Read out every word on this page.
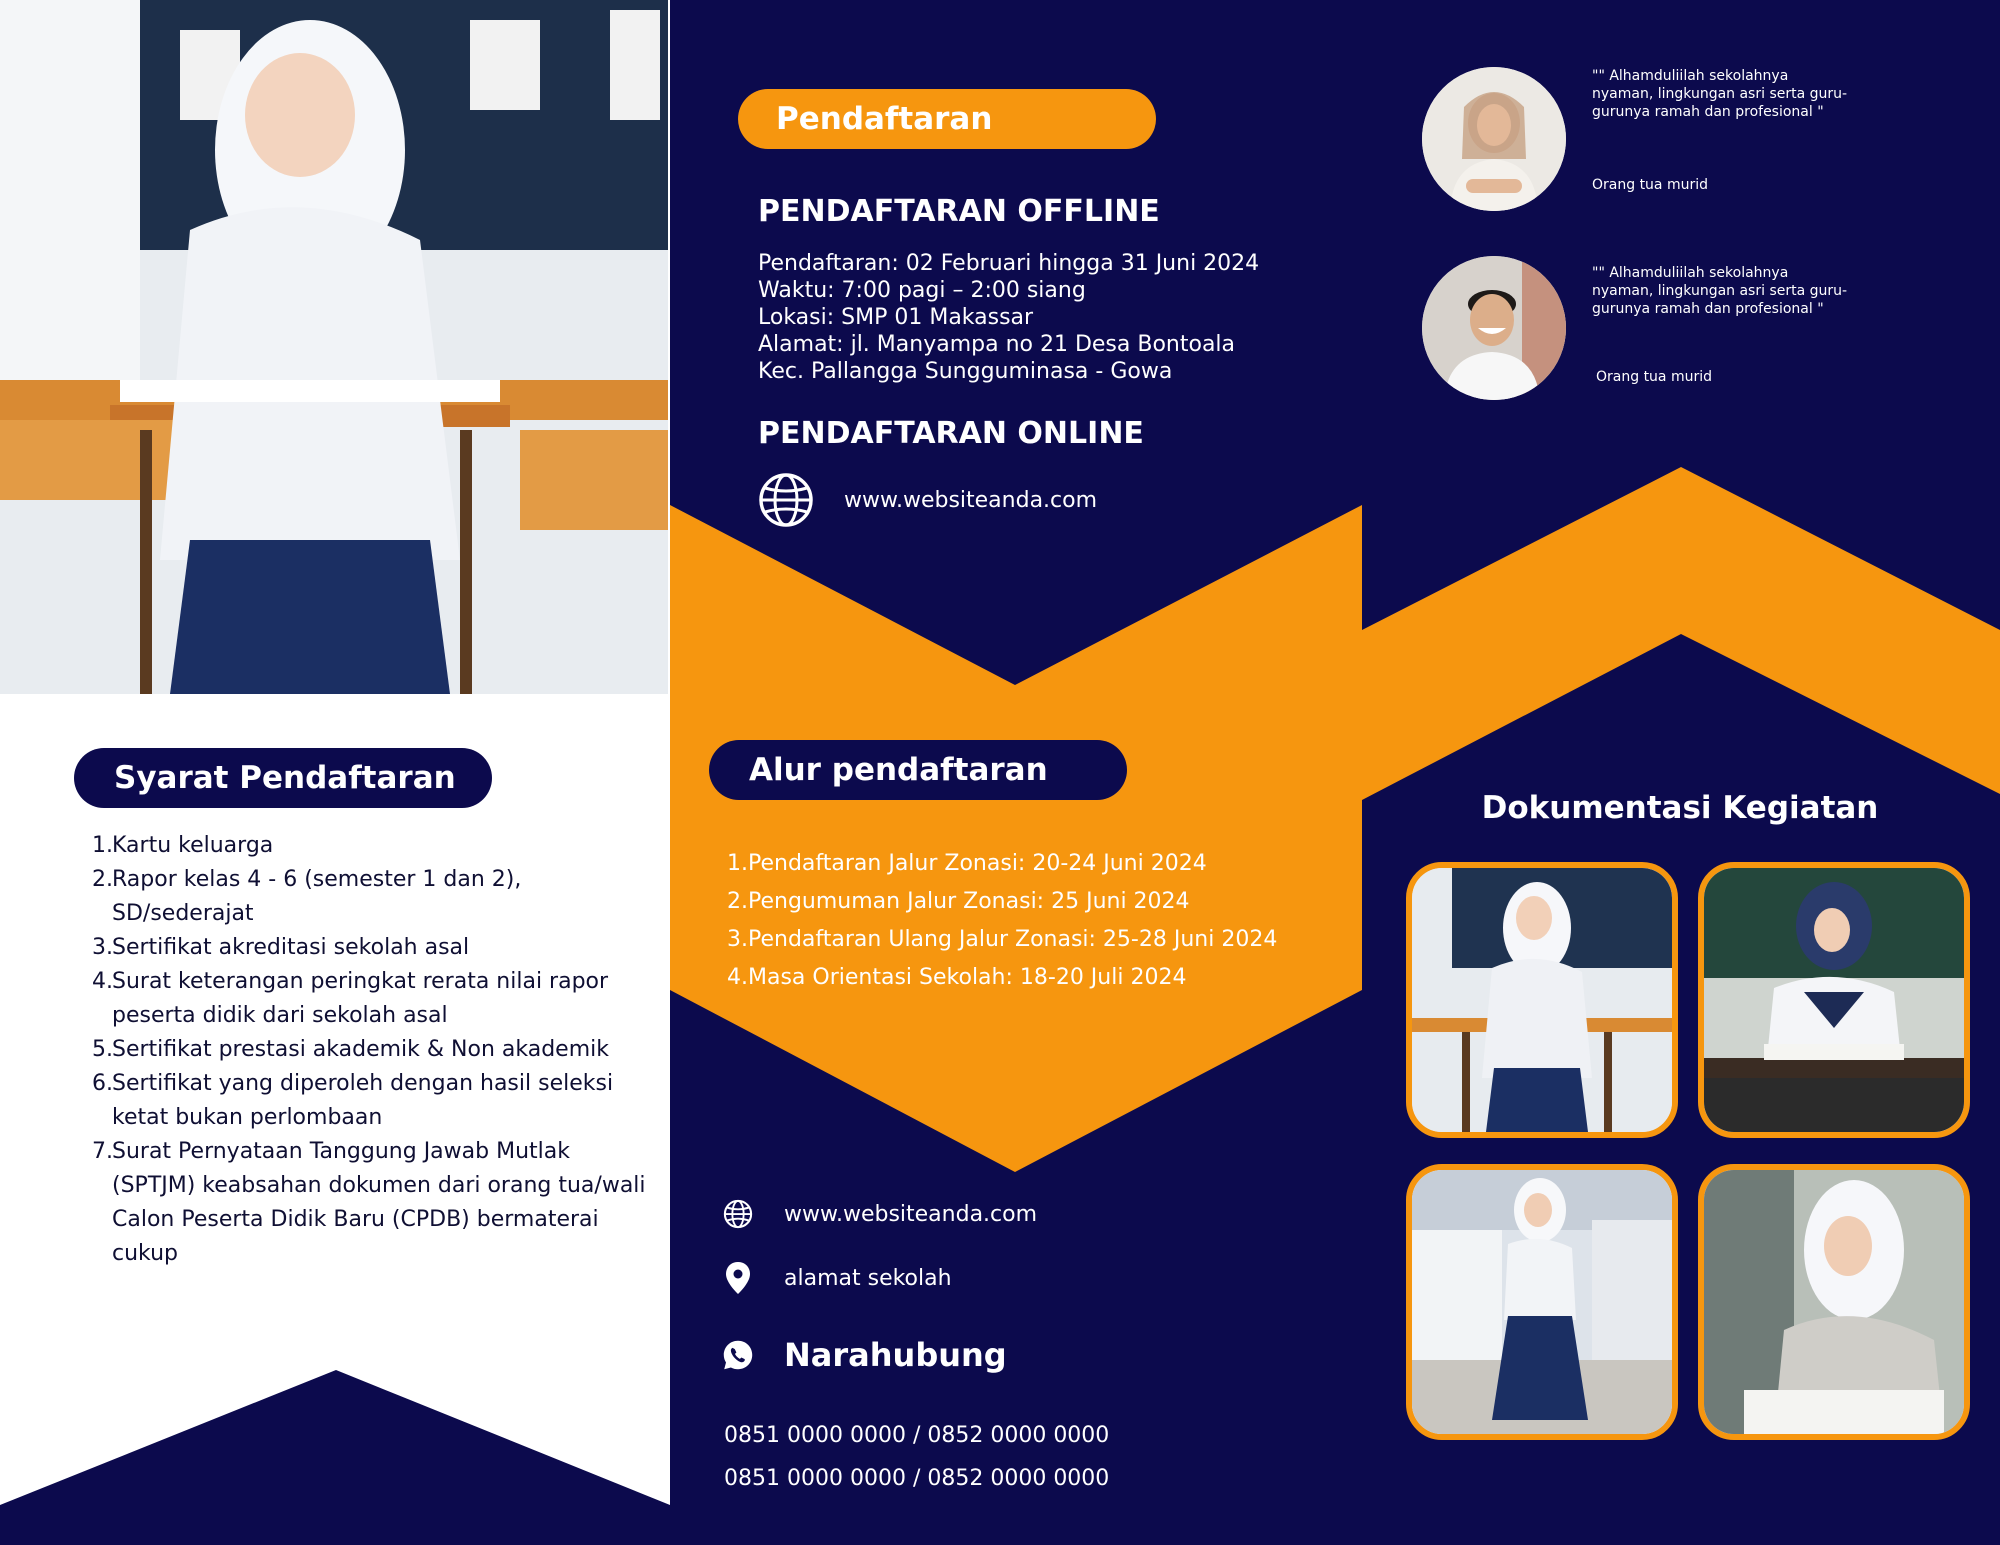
Syarat Pendaftaran
1. Kartu keluarga
2. Rapor kelas 4 - 6 (semester 1 dan 2), SD/sederajat
3. Sertifikat akreditasi sekolah asal
4. Surat keterangan peringkat rerata nilai rapor peserta didik dari sekolah asal
5. Sertifikat prestasi akademik & Non akademik
6. Sertifikat yang diperoleh dengan hasil seleksi ketat bukan perlombaan
7. Surat Pernyataan Tanggung Jawab Mutlak (SPTJM) keabsahan dokumen dari orang tua/wali Calon Peserta Didik Baru (CPDB) bermaterai cukup
Pendaftaran
PENDAFTARAN OFFLINE
Pendaftaran: 02 Februari hingga 31 Juni 2024
Waktu: 7:00 pagi – 2:00 siang
Lokasi: SMP 01 Makassar
Alamat: jl. Manyampa no 21 Desa Bontoala
Kec. Pallangga Sungguminasa - Gowa
PENDAFTARAN ONLINE
www.websiteanda.com
Alur pendaftaran
1. Pendaftaran Jalur Zonasi: 20-24 Juni 2024
2. Pengumuman Jalur Zonasi: 25 Juni 2024
3. Pendaftaran Ulang Jalur Zonasi: 25-28 Juni 2024
4. Masa Orientasi Sekolah: 18-20 Juli 2024
www.websiteanda.com
alamat sekolah
Narahubung
0851 0000 0000 / 0852 0000 0000
0851 0000 0000 / 0852 0000 0000
"" Alhamduliilah sekolahnya nyaman, lingkungan asri serta guru-gurunya ramah dan profesional "
Orang tua murid
"" Alhamduliilah sekolahnya nyaman, lingkungan asri serta guru-gurunya ramah dan profesional "
Orang tua murid
Dokumentasi Kegiatan
